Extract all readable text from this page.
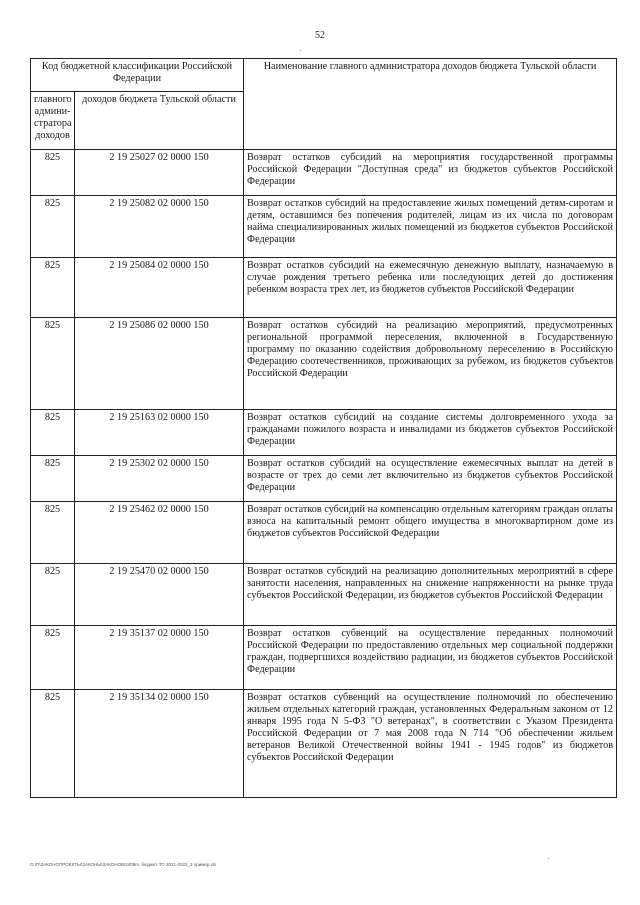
52
Код бюджетной классификации Российской Федерации		Наименование главного администратора доходов бюджета Тульской области
главного админи-стратора доходов	доходов бюджета Тульской области	
825	2 19 25027 02 0000 150	Возврат остатков субсидий на мероприятия государственной программы Российской Федерации "Доступная среда" из бюджетов субъектов Российской Федерации
825	2 19 25082 02 0000 150	Возврат остатков субсидий на предоставление жилых помещений детям-сиротам и детям, оставшимся без попечения родителей, лицам из их числа по договорам найма специализированных жилых помещений из бюджетов субъектов Российской Федерации
825	2 19 25084 02 0000 150	Возврат остатков субсидий на ежемесячную денежную выплату, назначаемую в случае рождения третьего ребенка или последующих детей до достижения ребенком возраста трех лет, из бюджетов субъектов Российской Федерации
825	2 19 25086 02 0000 150	Возврат остатков субсидий на реализацию мероприятий, предусмотренных региональной программой переселения, включенной в Государственную программу по оказанию содействия добровольному переселению в Российскую Федерацию соотечественников, проживающих за рубежом, из бюджетов субъектов Российской Федерации
825	2 19 25163 02 0000 150	Возврат остатков субсидий на создание системы долговременного ухода за гражданами пожилого возраста и инвалидами из бюджетов субъектов Российской Федерации
825	2 19 25302 02 0000 150	Возврат остатков субсидий на осуществление ежемесячных выплат на детей в возрасте от трех до семи лет включительно из бюджетов субъектов Российской Федерации
825	2 19 25462 02 0000 150	Возврат остатков субсидий на компенсацию отдельным категориям граждан оплаты взноса на капитальный ремонт общего имущества в многоквартирном доме из бюджетов субъектов Российской Федерации
825	2 19 25470 02 0000 150	Возврат остатков субсидий на реализацию дополнительных мероприятий в сфере занятости населения, направленных на снижение напряженности на рынке труда субъектов Российской Федерации, из бюджетов субъектов Российской Федерации
825	2 19 35137 02 0000 150	Возврат остатков субвенций на осуществление переданных полномочий Российской Федерации по предоставлению отдельных мер социальной поддержки граждан, подвергшихся воздействию радиации, из бюджетов субъектов Российской Федерации
825	2 19 35134 02 0000 150	Возврат остатков субвенций на осуществление полномочий по обеспечению жильем отдельных категорий граждан, установленных Федеральным законом от 12 января 1995 года N 5-ФЗ "О ветеранах", в соответствии с Указом Президента Российской Федерации от 7 мая 2008 года N 714 "Об обеспечении жильем ветеранов Великой Отечественной войны 1941 - 1945 годов" из бюджетов субъектов Российской Федерации
O:\П\ЗАКОНОПРОЕКТЫ\ЗАКОНЫ\ЗАКОНОБ\2408m. бюджет ТО 2021-2023_3 пример.xls
